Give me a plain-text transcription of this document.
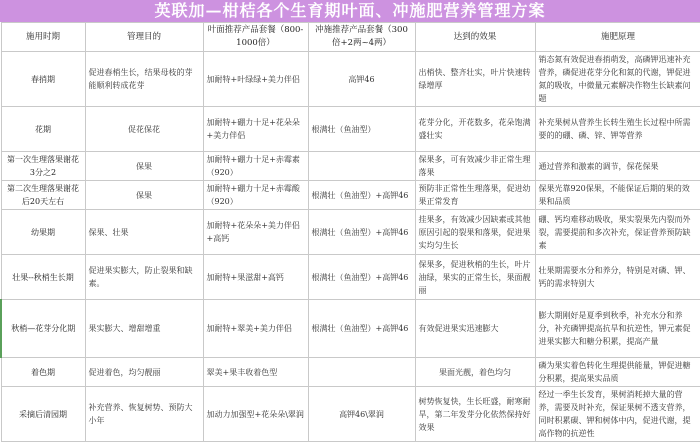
英联加—柑桔各个生育期叶面、冲施肥营养管理方案
施用时期	管理目的	叶面推荐产品套餐（800-1000倍）	冲施推荐产品套餐（300倍+2两~4两）	达到的效果	施肥原理
春捎期	促进春梢生长，结果母枝的芽能顺利转成花芽	加耐特+叶绿绿+美力伴侣	高钾46	出梢快、整齐壮实，叶片快速转绿增厚	销态氮有效促进春捎萌发，高磷钾迅速补充营养，磷促进花芽分化和氮的代谢，钾促进氮的吸收，中微量元素解决作物生长缺素问题
花期	促花保花	加耐特+硼力十足+花朵朵+美力伴侣	根满壮（鱼油型）	花芽分化，开花数多，花朵饱满盛壮实	补充果树从营养生长转生殖生长过程中所需要的的硼、磷、锌、钾等营养
第一次生理落果谢花3分之2	保果	加耐特+硼力十足+赤霉素（920）		保果多，可有效减少非正常生理落果	通过营养和激素的调节，保花保果
第二次生理落果谢花后20天左右	保果	加耐特+硼力十足+赤霉酸（920）	根满壮（鱼油型）+高钾46	预防非正常性生理落果，促进幼果正常发育	保果光靠920保果，不能保证后期的果的效果和品质
幼果期	保果、壮果	加耐特+花朵朵+美力伴侣+高钙	根满壮（鱼油型）+高钾46	挂果多，有效减少因缺素或其他原因引起的裂果和落果，促进果实均匀生长	硼、钙均难移动吸收，果实裂果先内裂而外裂，需要提前和多次补充，保证营养预防缺素
壮果--秋梢生长期	促进果实膨大，防止裂果和缺素。	加耐特+果滋甜+高钙	根满壮（鱼油型）+高钾46	保果多，促进秋梢的生长，叶片油绿，果实的正常生长，果面靓丽	壮果期需要水分和养分，特别是对磷、钾、钙的需求特别大
秋梢—花芽分化期	果实膨大、增甜增重	加耐特+翠美+美力伴侣	根满壮（鱼油型）+高钾46	有效促进果实迅速膨大	膨大期刚好是夏季到秋季，补充水分和养分，补充磷钾提高抗旱和抗逆性，钾元素促进果实膨大和糖分积累，提高产量
着色期	促进着色，均匀靓丽	翠美+果丰收着色型		果面光靓，着色均匀	磷为果实着色转化生理提供能量，钾促进糖分积累，提高果实品质
采摘后清园期	补充营养、恢复树势、预防大小年	加动力加强型+花朵朵\翠润	高钾46\翠润	树势恢复快，生长旺盛，耐寒耐旱，第二年发芽分化依然保持好效果	经过一季生长发育，果树消耗掉大量的营养，需要及时补充，保证果树不透支营养，同时积累碳、钾和树体中内，促进代谢，提高作物的抗逆性
